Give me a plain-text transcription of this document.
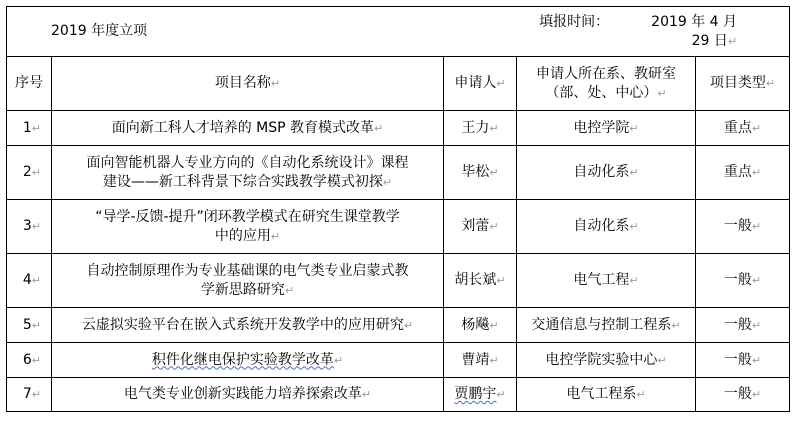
2019 年度立项			填报时间： 2019 年 4 月 29 日↵	
序号	项目名称↵	申请人↵	申请人所在系、教研室
（部、处、中心）↵	项目类型↵
1↵	面向新工科人才培养的 MSP 教育模式改革↵	王力↵	电控学院↵	重点↵
2↵	面向智能机器人专业方向的《自动化系统设计》课程
建设——新工科背景下综合实践教学模式初探↵	毕松↵	自动化系↵	重点↵
3↵	“导学-反馈-提升”闭环教学模式在研究生课堂教学
中的应用↵	刘蕾↵	自动化系↵	一般↵
4↵	自动控制原理作为专业基础课的电气类专业启蒙式教
学新思路研究↵	胡长斌↵	电气工程↵	一般↵
5↵	云虚拟实验平台在嵌入式系统开发教学中的应用研究↵	杨飚↵	交通信息与控制工程系↵	一般↵
6↵	积件化继电保护实验教学改革↵	曹靖↵	电控学院实验中心↵	一般↵
7↵	电气类专业创新实践能力培养探索改革↵	贾鹏宇↵	电气工程系↵	一般↵
